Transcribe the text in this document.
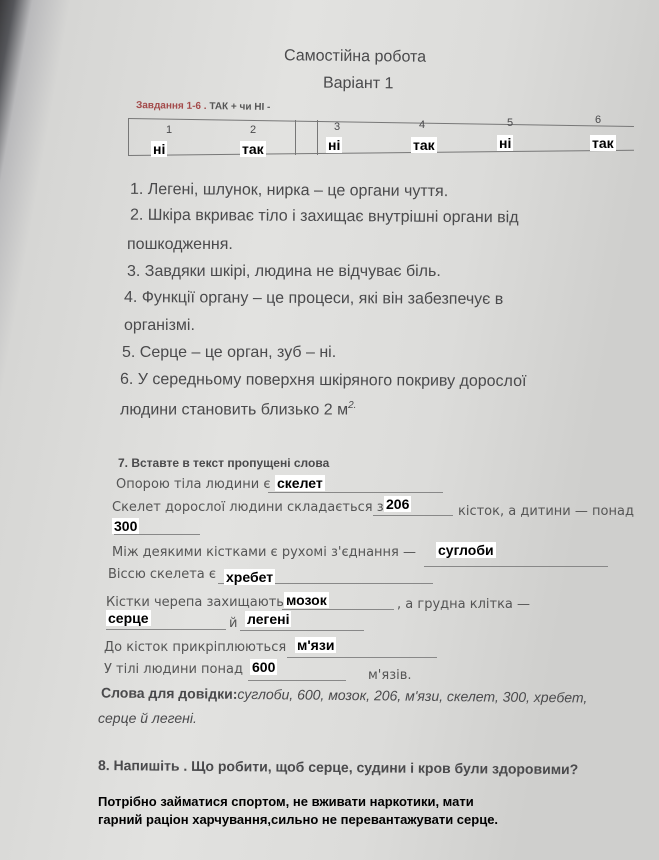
Самостійна робота
Варіант 1
Завдання 1-6 . ТАК + чи НІ -
1	2	3	4	5	6
ні	так	ні	так	ні	так
1. Легені, шлунок, нирка – це органи чуття.
2. Шкіра вкриває тіло і захищає внутрішні органи від
пошкодження.
3. Завдяки шкірі, людина не відчуває біль.
4. Функції органу – це процеси, які він забезпечує в
організмі.
5. Серце – це орган, зуб – ні.
6. У середньому поверхня шкіряного покриву дорослої
людини становить близько 2 $м^{2.}$
7. Вставте в текст пропущені слова
Опорою тіла людини є скелет
Скелет дорослої людини складається з 206	кісток, а дитини — понад
300
Між деякими кістками є рухомі з'єднання — суглоби
Віссю скелета є хребет
Кістки черепа захищають мозок	, а грудна клітка —
серце	й легені
До кісток прикріплюються м'язи
У тілі людини понад 600
м'язів.
Слова для довідки:суглоби, 600, мозок, 206, м'язи, скелет, 300, хребет,
серце й легені.
8. Напишіть . Що робити, щоб серце, судини і кров були здоровими?
Потрібно займатися спортом, не вживати наркотики, мати
гарний раціон харчування,сильно не перевантажувати серце.
